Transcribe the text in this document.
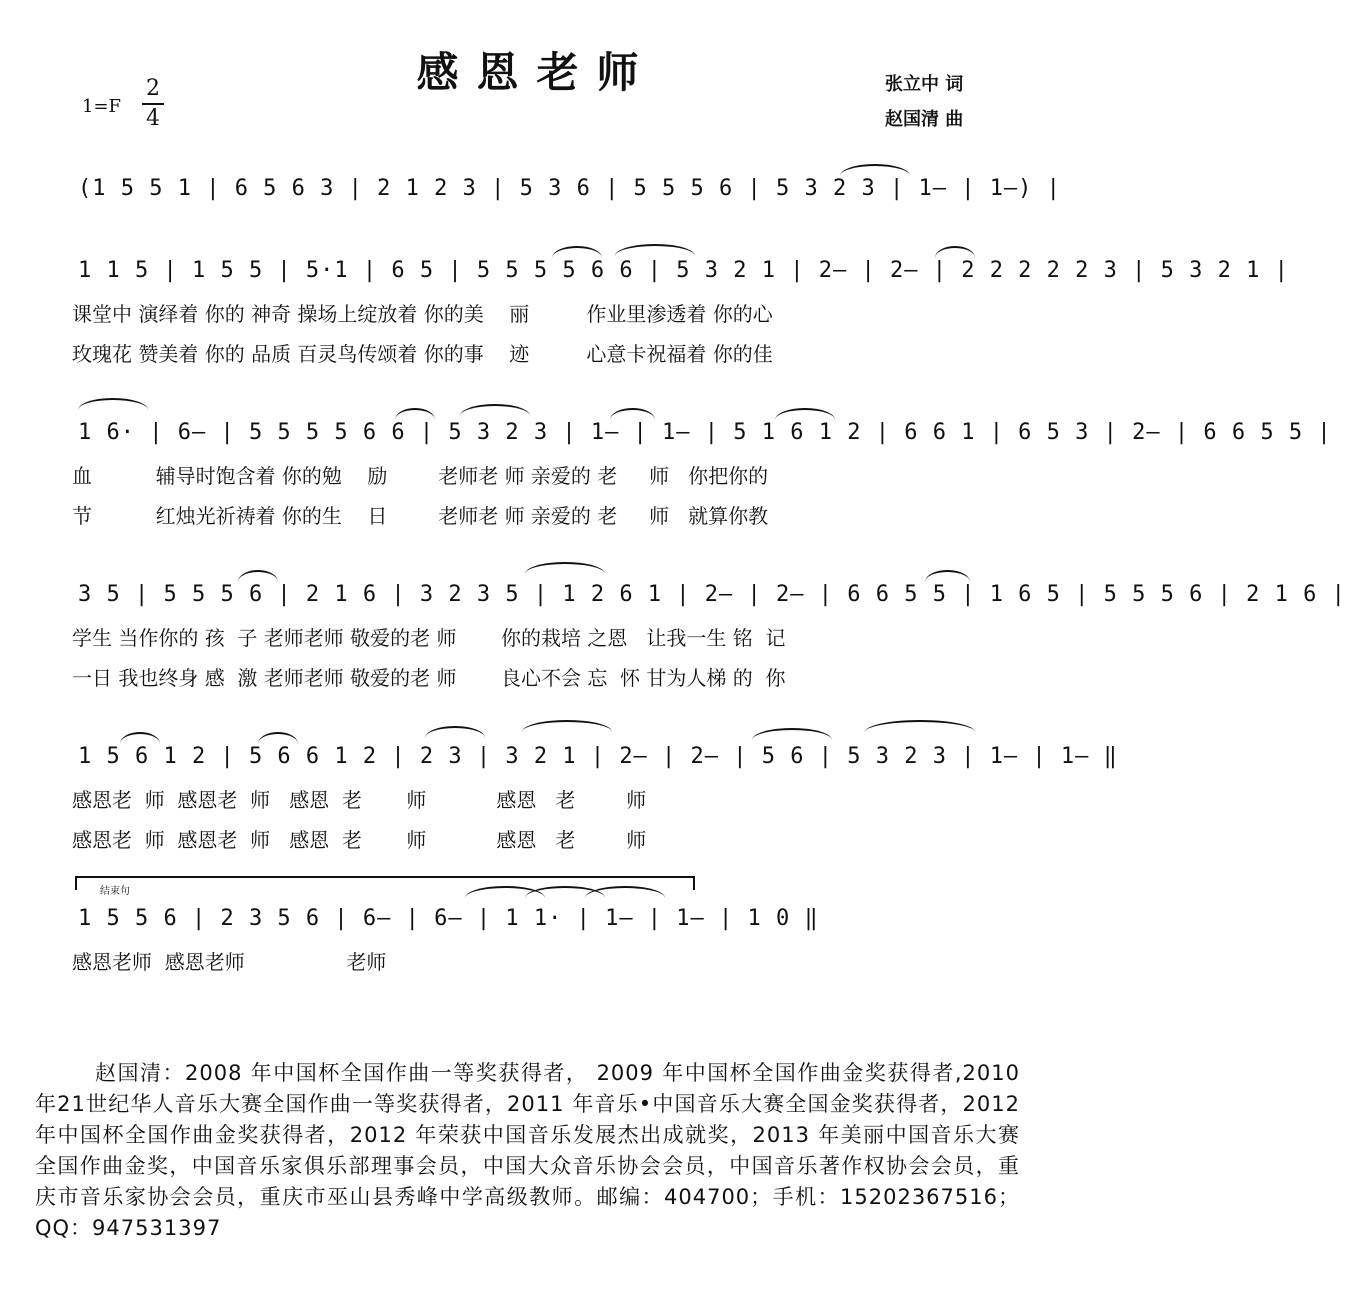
感恩老师
1=F
2
4
张立中 词
赵国清 曲
(1 5 5 1 | 6 5 6 3 | 2 1 2 3 | 5 3 6 | 5 5 5 6 | 5 3 2 3 | 1— | 1—) |
1 1 5 | 1 5 5 | 5·1 | 6 5 | 5 5 5 5 6 6 | 5 3 2 1 | 2— | 2— | 2 2 2 2 2 3 | 5 3 2 1 |
课堂中 演绎着 你的 神奇 操场上绽放着 你的美    丽         作业里渗透着 你的心
玫瑰花 赞美着 你的 品质 百灵鸟传颂着 你的事    迹         心意卡祝福着 你的佳
1 6· | 6— | 5 5 5 5 6 6 | 5 3 2 3 | 1— | 1— | 5 1 6 1 2 | 6 6 1 | 6 5 3 | 2— | 6 6 5 5 |
血          辅导时饱含着 你的勉    励        老师老 师 亲爱的 老     师   你把你的
节          红烛光祈祷着 你的生    日        老师老 师 亲爱的 老     师   就算你教
3 5 | 5 5 5 6 | 2 1 6 | 3 2 3 5 | 1 2 6 1 | 2— | 2— | 6 6 5 5 | 1 6 5 | 5 5 5 6 | 2 1 6 |
学生 当作你的 孩  子 老师老师 敬爱的老 师       你的栽培 之恩   让我一生 铭  记
一日 我也终身 感  激 老师老师 敬爱的老 师       良心不会 忘  怀 甘为人梯 的  你
1 5 6 1 2 | 5 6 6 1 2 | 2 3 | 3 2 1 | 2— | 2— | 5 6 | 5 3 2 3 | 1— | 1— ‖
感恩老  师  感恩老  师   感恩  老       师           感恩   老        师
感恩老  师  感恩老  师   感恩  老       师           感恩   老        师
结束句
1 5 5 6 | 2 3 5 6 | 6— | 6— | 1 1· | 1— | 1— | 1 0 ‖
感恩老师  感恩老师                老师

赵国清：2008 年中国杯全国作曲一等奖获得者， 2009 年中国杯全国作曲金奖获得者,2010年21世纪华人音乐大赛全国作曲一等奖获得者，2011 年音乐•中国音乐大赛全国金奖获得者，2012 年中国杯全国作曲金奖获得者，2012 年荣获中国音乐发展杰出成就奖，2013 年美丽中国音乐大赛全国作曲金奖，中国音乐家俱乐部理事会员，中国大众音乐协会会员，中国音乐著作权协会会员，重庆市音乐家协会会员，重庆市巫山县秀峰中学高级教师。邮编：404700；手机：15202367516；QQ：947531397
